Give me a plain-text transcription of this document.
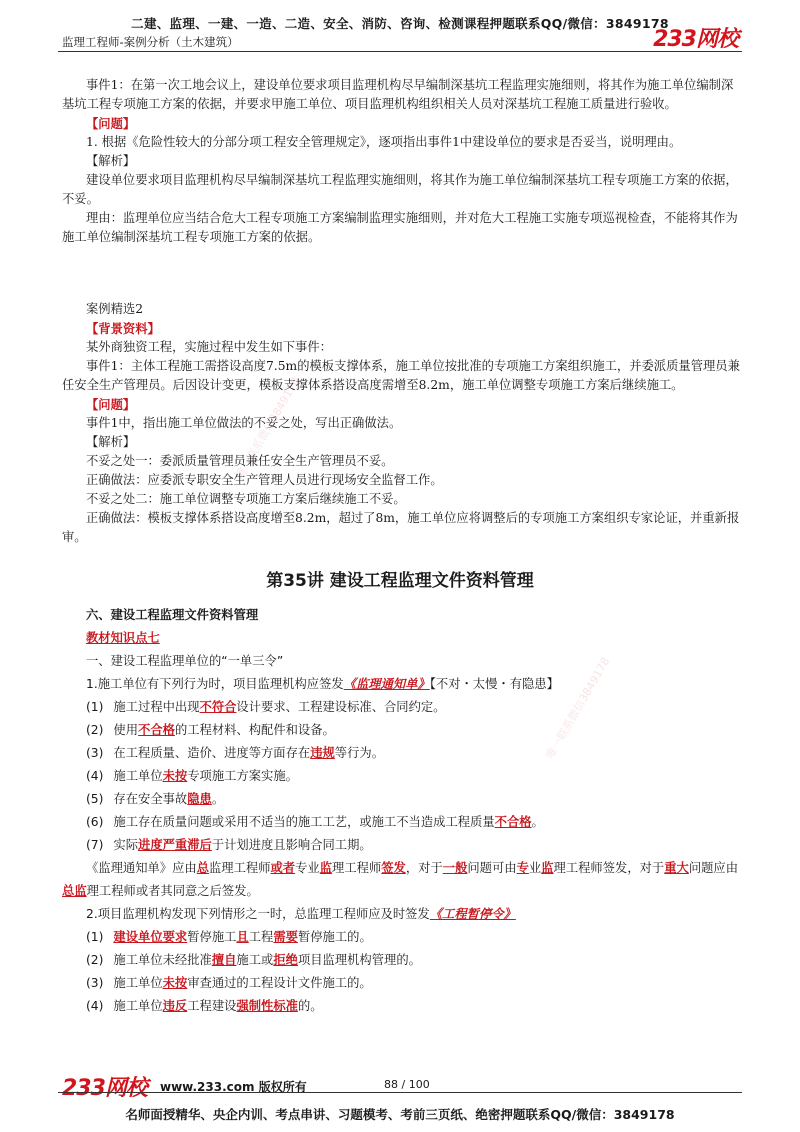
二建、监理、一建、一造、二造、安全、消防、咨询、检测课程押题联系QQ/微信：3849178
监理工程师-案例分析（土木建筑）	233网校
事件1：在第一次工地会议上，建设单位要求项目监理机构尽早编制深基坑工程监理实施细则，将其作为施工单位编制深基坑工程专项施工方案的依据，并要求甲施工单位、项目监理机构组织相关人员对深基坑工程施工质量进行验收。
【问题】
1. 根据《危险性较大的分部分项工程安全管理规定》，逐项指出事件1中建设单位的要求是否妥当，说明理由。
【解析】
建设单位要求项目监理机构尽早编制深基坑工程监理实施细则，将其作为施工单位编制深基坑工程专项施工方案的依据，不妥。
理由：监理单位应当结合危大工程专项施工方案编制监理实施细则，并对危大工程施工实施专项巡视检查，不能将其作为施工单位编制深基坑工程专项施工方案的依据。
案例精选2
【背景资料】
某外商独资工程，实施过程中发生如下事件：
事件1：主体工程施工需搭设高度7.5m的模板支撑体系，施工单位按批准的专项施工方案组织施工，并委派质量管理员兼任安全生产管理员。后因设计变更，模板支撑体系搭设高度需增至8.2m，施工单位调整专项施工方案后继续施工。
【问题】
事件1中，指出施工单位做法的不妥之处，写出正确做法。
【解析】
不妥之处一：委派质量管理员兼任安全生产管理员不妥。
正确做法：应委派专职安全生产管理人员进行现场安全监督工作。
不妥之处二：施工单位调整专项施工方案后继续施工不妥。
正确做法：模板支撑体系搭设高度增至8.2m，超过了8m，施工单位应将调整后的专项施工方案组织专家论证，并重新报审。
第35讲 建设工程监理文件资料管理
六、建设工程监理文件资料管理
教材知识点七
一、建设工程监理单位的“一单三令”
1.施工单位有下列行为时，项目监理机构应签发《监理通知单》【不对・太慢・有隐患】
(1) 施工过程中出现不符合设计要求、工程建设标准、合同约定。
(2) 使用不合格的工程材料、构配件和设备。
(3) 在工程质量、造价、进度等方面存在违规等行为。
(4) 施工单位未按专项施工方案实施。
(5) 存在安全事故隐患。
(6) 施工存在质量问题或采用不适当的施工工艺，或施工不当造成工程质量不合格。
(7) 实际进度严重滞后于计划进度且影响合同工期。
《监理通知单》应由总监理工程师或者专业监理工程师签发，对于一般问题可由专业监理工程师签发，对于重大问题应由总监理工程师或者其同意之后签发。
2.项目监理机构发现下列情形之一时，总监理工程师应及时签发《工程暂停令》
(1) 建设单位要求暂停施工且工程需要暂停施工的。
(2) 施工单位未经批准擅自施工或拒绝项目监理机构管理的。
(3) 施工单位未按审查通过的工程设计文件施工的。
(4) 施工单位违反工程建设强制性标准的。
唯一联系微信3849178
唯一联系微信3849178
233网校 www.233.com 版权所有	88 / 100
名师面授精华、央企内训、考点串讲、习题模考、考前三页纸、绝密押题联系QQ/微信：3849178
